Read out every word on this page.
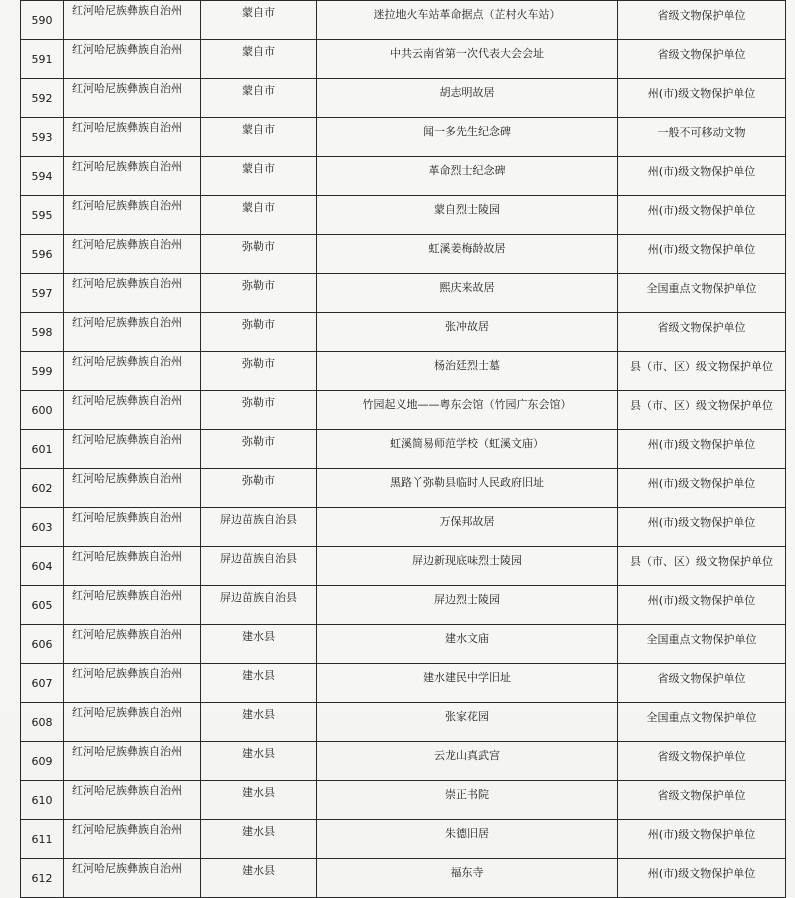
590	红河哈尼族彝族自治州	蒙自市	迷拉地火车站革命据点（芷村火车站）	省级文物保护单位
591	红河哈尼族彝族自治州	蒙自市	中共云南省第一次代表大会会址	省级文物保护单位
592	红河哈尼族彝族自治州	蒙自市	胡志明故居	州(市)级文物保护单位
593	红河哈尼族彝族自治州	蒙自市	闻一多先生纪念碑	一般不可移动文物
594	红河哈尼族彝族自治州	蒙自市	革命烈士纪念碑	州(市)级文物保护单位
595	红河哈尼族彝族自治州	蒙自市	蒙自烈士陵园	州(市)级文物保护单位
596	红河哈尼族彝族自治州	弥勒市	虹溪姜梅龄故居	州(市)级文物保护单位
597	红河哈尼族彝族自治州	弥勒市	熙庆来故居	全国重点文物保护单位
598	红河哈尼族彝族自治州	弥勒市	张冲故居	省级文物保护单位
599	红河哈尼族彝族自治州	弥勒市	杨治廷烈士墓	县（市、区）级文物保护单位
600	红河哈尼族彝族自治州	弥勒市	竹园起义地——粤东会馆（竹园广东会馆）	县（市、区）级文物保护单位
601	红河哈尼族彝族自治州	弥勒市	虹溪简易师范学校（虹溪文庙）	州(市)级文物保护单位
602	红河哈尼族彝族自治州	弥勒市	黑路丫弥勒县临时人民政府旧址	州(市)级文物保护单位
603	红河哈尼族彝族自治州	屏边苗族自治县	万保邦故居	州(市)级文物保护单位
604	红河哈尼族彝族自治州	屏边苗族自治县	屏边新现底味烈士陵园	县（市、区）级文物保护单位
605	红河哈尼族彝族自治州	屏边苗族自治县	屏边烈士陵园	州(市)级文物保护单位
606	红河哈尼族彝族自治州	建水县	建水文庙	全国重点文物保护单位
607	红河哈尼族彝族自治州	建水县	建水建民中学旧址	省级文物保护单位
608	红河哈尼族彝族自治州	建水县	张家花园	全国重点文物保护单位
609	红河哈尼族彝族自治州	建水县	云龙山真武宫	省级文物保护单位
610	红河哈尼族彝族自治州	建水县	崇正书院	省级文物保护单位
611	红河哈尼族彝族自治州	建水县	朱德旧居	州(市)级文物保护单位
612	红河哈尼族彝族自治州	建水县	福东寺	州(市)级文物保护单位
